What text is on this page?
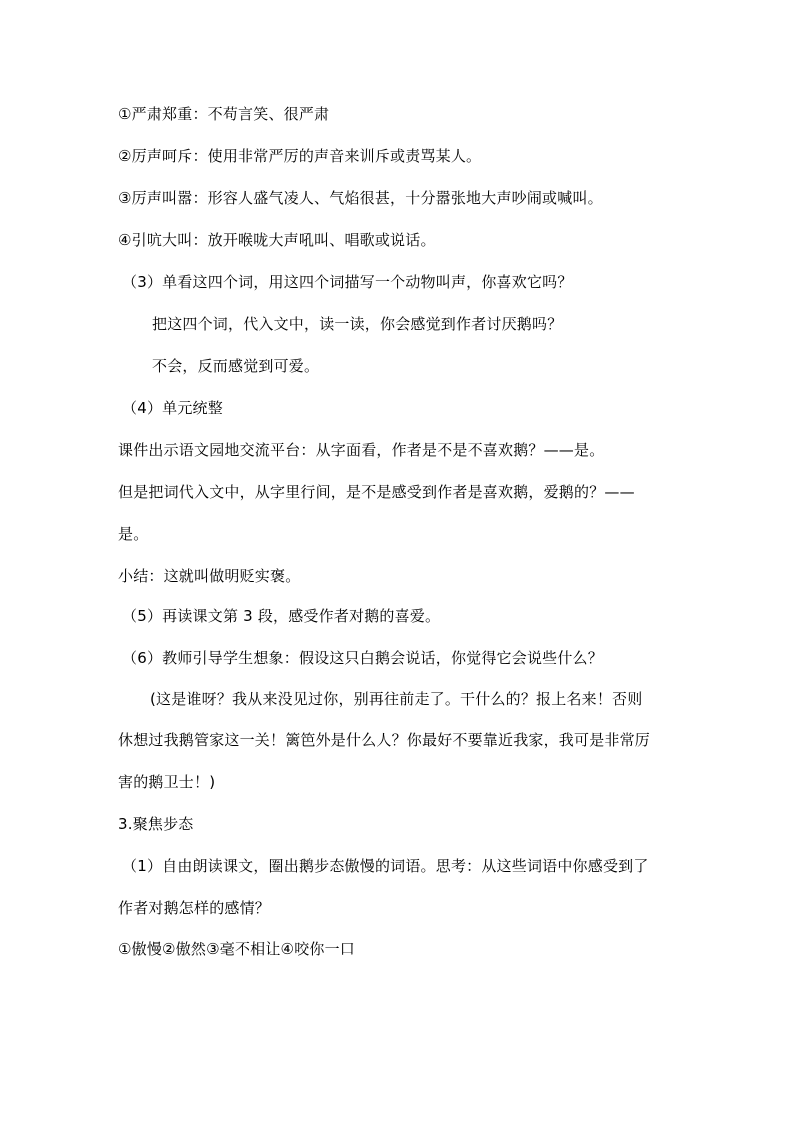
①严肃郑重：不苟言笑、很严肃
②厉声呵斥：使用非常严厉的声音来训斥或责骂某人。
③厉声叫嚣：形容人盛气凌人、气焰很甚，十分嚣张地大声吵闹或喊叫。
④引吭大叫：放开喉咙大声吼叫、唱歌或说话。
（3）单看这四个词，用这四个词描写一个动物叫声，你喜欢它吗？
把这四个词，代入文中，读一读，你会感觉到作者讨厌鹅吗？
不会，反而感觉到可爱。
（4）单元统整
课件出示语文园地交流平台：从字面看，作者是不是不喜欢鹅？——是。
但是把词代入文中，从字里行间，是不是感受到作者是喜欢鹅，爱鹅的？——
是。
小结：这就叫做明贬实褒。
（5）再读课文第 3 段，感受作者对鹅的喜爱。
（6）教师引导学生想象：假设这只白鹅会说话，你觉得它会说些什么？
(这是谁呀？我从来没见过你，别再往前走了。干什么的？报上名来！否则
休想过我鹅管家这一关！篱笆外是什么人？你最好不要靠近我家，我可是非常厉
害的鹅卫士！)
3.聚焦步态
（1）自由朗读课文，圈出鹅步态傲慢的词语。思考：从这些词语中你感受到了
作者对鹅怎样的感情？
①傲慢②傲然③毫不相让④咬你一口
